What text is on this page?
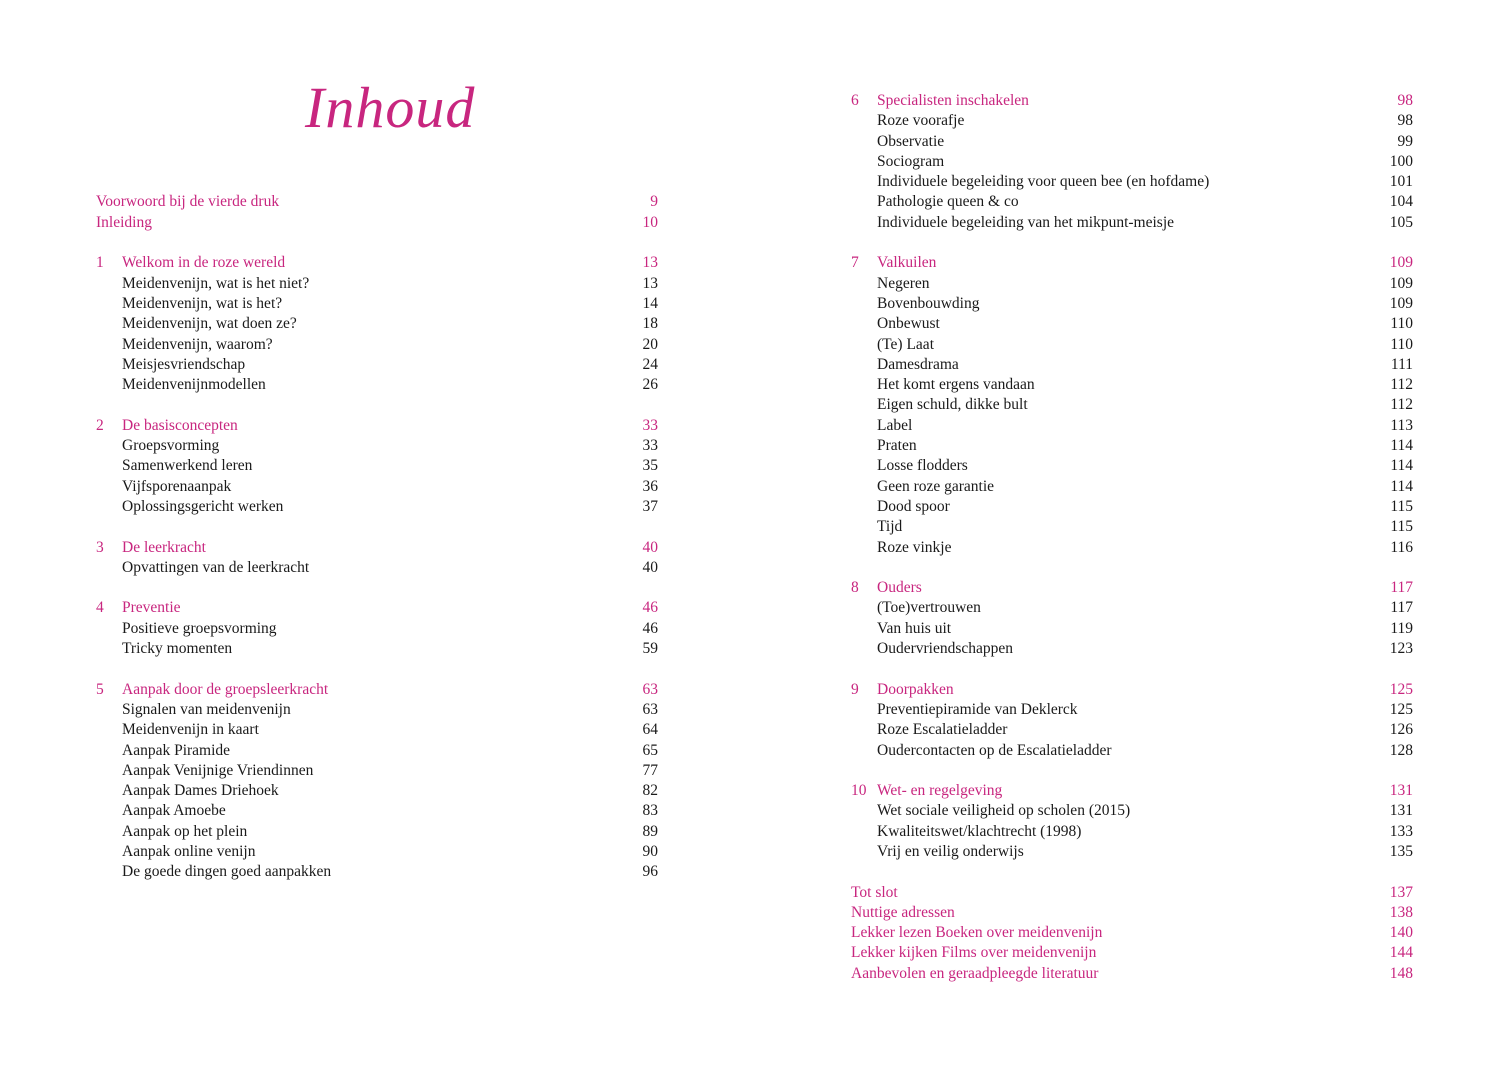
Inhoud
Voorwoord bij de vierde druk	9
Inleiding	10
1 Welkom in de roze wereld	13
Meidenvenijn, wat is het niet?	13
Meidenvenijn, wat is het?	14
Meidenvenijn, wat doen ze?	18
Meidenvenijn, waarom?	20
Meisjesvriendschap	24
Meidenvenijnmodellen	26
2 De basisconcepten	33
Groepsvorming	33
Samenwerkend leren	35
Vijfsporenaanpak	36
Oplossingsgericht werken	37
3 De leerkracht	40
Opvattingen van de leerkracht	40
4 Preventie	46
Positieve groepsvorming	46
Tricky momenten	59
5 Aanpak door de groepsleerkracht	63
Signalen van meidenvenijn	63
Meidenvenijn in kaart	64
Aanpak Piramide	65
Aanpak Venijnige Vriendinnen	77
Aanpak Dames Driehoek	82
Aanpak Amoebe	83
Aanpak op het plein	89
Aanpak online venijn	90
De goede dingen goed aanpakken	96
6 Specialisten inschakelen	98
Roze voorafje	98
Observatie	99
Sociogram	100
Individuele begeleiding voor queen bee (en hofdame)	101
Pathologie queen & co	104
Individuele begeleiding van het mikpunt-meisje	105
7 Valkuilen	109
Negeren	109
Bovenbouwding	109
Onbewust	110
(Te) Laat	110
Damesdrama	111
Het komt ergens vandaan	112
Eigen schuld, dikke bult	112
Label	113
Praten	114
Losse flodders	114
Geen roze garantie	114
Dood spoor	115
Tijd	115
Roze vinkje	116
8 Ouders	117
(Toe)vertrouwen	117
Van huis uit	119
Oudervriendschappen	123
9 Doorpakken	125
Preventiepiramide van Deklerck	125
Roze Escalatieladder	126
Oudercontacten op de Escalatieladder	128
10 Wet- en regelgeving	131
Wet sociale veiligheid op scholen (2015)	131
Kwaliteitswet/klachtrecht (1998)	133
Vrij en veilig onderwijs	135
Tot slot	137
Nuttige adressen	138
Lekker lezen Boeken over meidenvenijn	140
Lekker kijken Films over meidenvenijn	144
Aanbevolen en geraadpleegde literatuur	148
